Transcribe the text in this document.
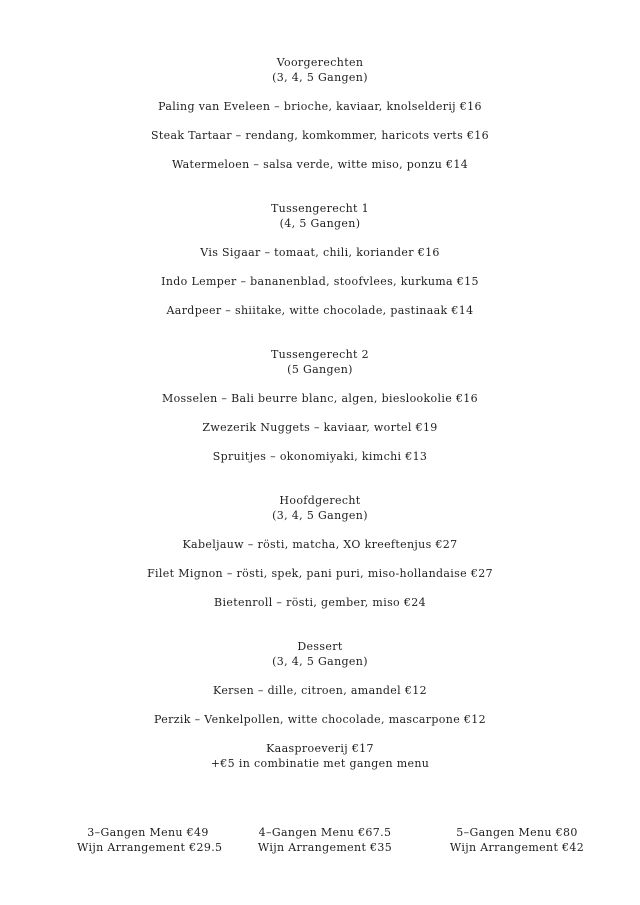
Voorgerechten
(3, 4, 5 Gangen)
Paling van Eveleen – brioche, kaviaar, knolselderij €16
Steak Tartaar – rendang, komkommer, haricots verts €16
Watermeloen – salsa verde, witte miso, ponzu €14
Tussengerecht 1
(4, 5 Gangen)
Vis Sigaar – tomaat, chili, koriander €16
Indo Lemper – bananenblad, stoofvlees, kurkuma €15
Aardpeer – shiitake, witte chocolade, pastinaak €14
Tussengerecht 2
(5 Gangen)
Mosselen – Bali beurre blanc, algen, bieslookolie €16
Zwezerik Nuggets – kaviaar, wortel €19
Spruitjes – okonomiyaki, kimchi €13
Hoofdgerecht
(3, 4, 5 Gangen)
Kabeljauw – rösti, matcha, XO kreeftenjus €27
Filet Mignon – rösti, spek, pani puri, miso-hollandaise €27
Bietenroll – rösti, gember, miso €24
Dessert
(3, 4, 5 Gangen)
Kersen – dille, citroen, amandel €12
Perzik – Venkelpollen, witte chocolade, mascarpone €12
Kaasproeverij €17
+€5 in combinatie met gangen menu
3–Gangen Menu €49
Wijn Arrangement €29.5
4–Gangen Menu €67.5
Wijn Arrangement €35
5–Gangen Menu €80
Wijn Arrangement €42
